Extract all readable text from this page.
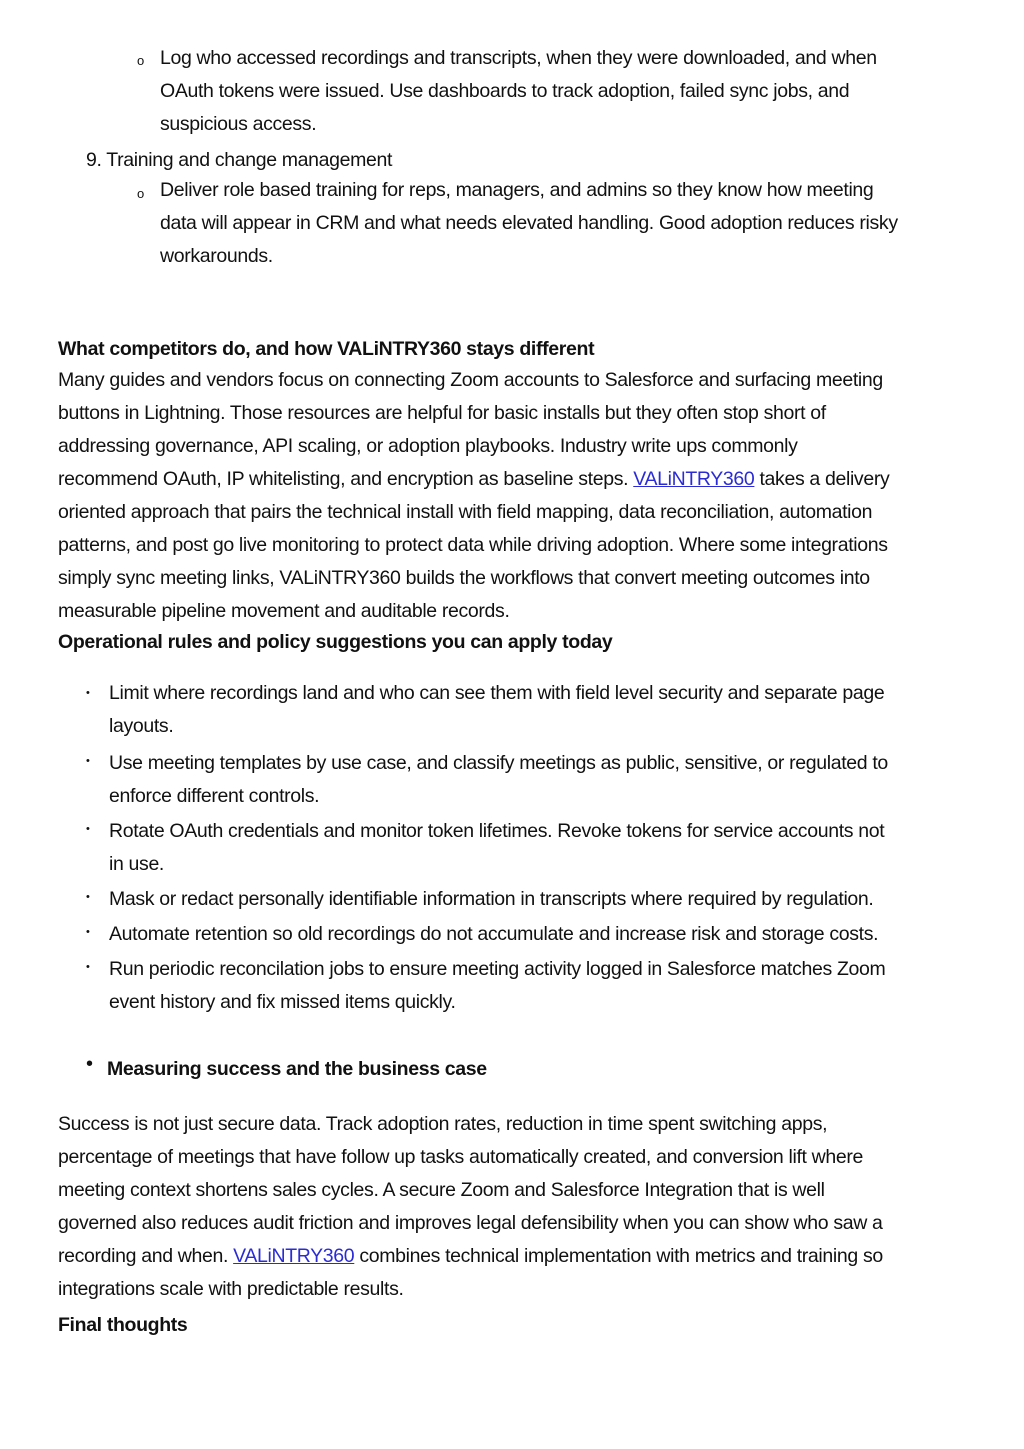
o Log who accessed recordings and transcripts, when they were downloaded, and when
OAuth tokens were issued. Use dashboards to track adoption, failed sync jobs, and
suspicious access.
9. Training and change management
o Deliver role based training for reps, managers, and admins so they know how meeting
data will appear in CRM and what needs elevated handling. Good adoption reduces risky
workarounds.
What competitors do, and how VALiNTRY360 stays different
Many guides and vendors focus on connecting Zoom accounts to Salesforce and surfacing meeting
buttons in Lightning. Those resources are helpful for basic installs but they often stop short of
addressing governance, API scaling, or adoption playbooks. Industry write ups commonly
recommend OAuth, IP whitelisting, and encryption as baseline steps. VALiNTRY360 takes a delivery
oriented approach that pairs the technical install with field mapping, data reconciliation, automation
patterns, and post go live monitoring to protect data while driving adoption. Where some integrations
simply sync meeting links, VALiNTRY360 builds the workflows that convert meeting outcomes into
measurable pipeline movement and auditable records.
Operational rules and policy suggestions you can apply today
• Limit where recordings land and who can see them with field level security and separate page
layouts.
• Use meeting templates by use case, and classify meetings as public, sensitive, or regulated to
enforce different controls.
• Rotate OAuth credentials and monitor token lifetimes. Revoke tokens for service accounts not
in use.
• Mask or redact personally identifiable information in transcripts where required by regulation.
• Automate retention so old recordings do not accumulate and increase risk and storage costs.
• Run periodic reconcilation jobs to ensure meeting activity logged in Salesforce matches Zoom
event history and fix missed items quickly.
• Measuring success and the business case
Success is not just secure data. Track adoption rates, reduction in time spent switching apps,
percentage of meetings that have follow up tasks automatically created, and conversion lift where
meeting context shortens sales cycles. A secure Zoom and Salesforce Integration that is well
governed also reduces audit friction and improves legal defensibility when you can show who saw a
recording and when. VALiNTRY360 combines technical implementation with metrics and training so
integrations scale with predictable results.
Final thoughts
